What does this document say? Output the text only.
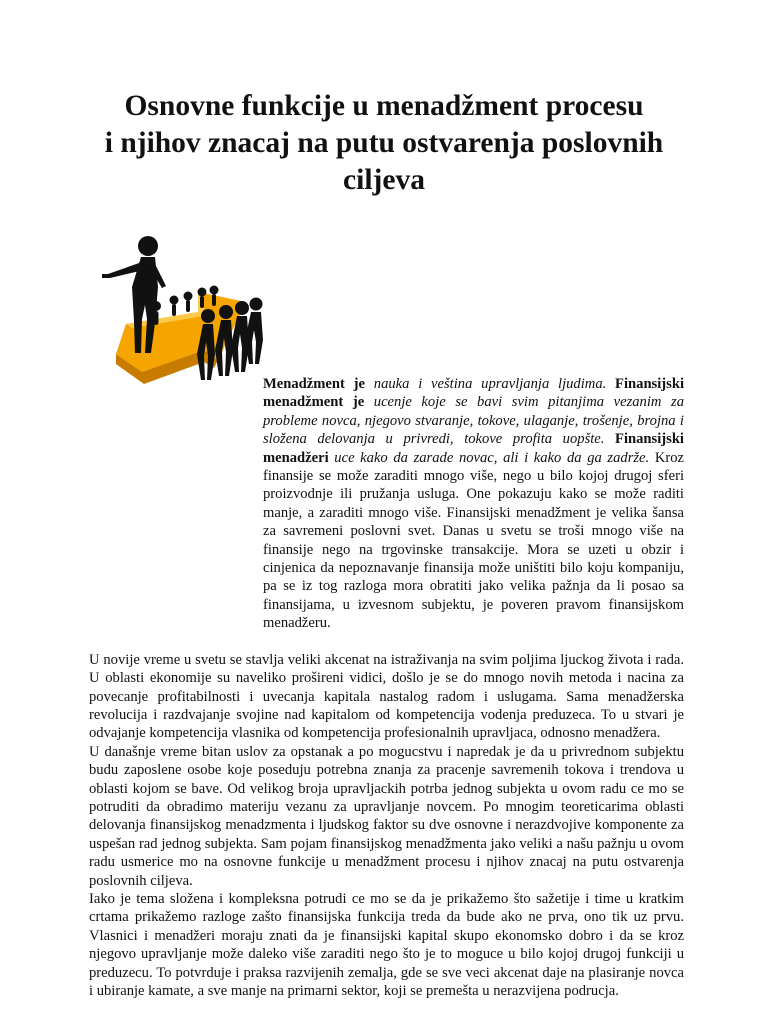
Osnovne funkcije u menadžment procesu
i njihov znacaj na putu ostvarenja poslovnih
ciljeva

Menadžment je nauka i veština upravljanja ljudima. Finansijski menadžment je ucenje koje se bavi svim pitanjima vezanim za probleme novca, njegovo stvaranje, tokove, ulaganje, trošenje, brojna i složena delovanja u privredi, tokove profita uopšte. Finansijski menadžeri uce kako da zarade novac, ali i kako da ga zadrže. Kroz finansije se može zaraditi mnogo više, nego u bilo kojoj drugoj sferi proizvodnje ili pružanja usluga. One pokazuju kako se može raditi manje, a zaraditi mnogo više. Finansijski menadžment je velika šansa za savremeni poslovni svet. Danas u svetu se troši mnogo više na finansije nego na trgovinske transakcije. Mora se uzeti u obzir i cinjenica da nepoznavanje finansija može uništiti bilo koju kompaniju, pa se iz tog razloga mora obratiti jako velika pažnja da li posao sa finansijama, u izvesnom subjektu, je poveren pravom finansijskom menadžeru.

U novije vreme u svetu se stavlja veliki akcenat na istraživanja na svim poljima ljuckog života i rada. U oblasti ekonomije su naveliko prošireni vidici, došlo je se do mnogo novih metoda i nacina za povecanje profitabilnosti i uvecanja kapitala nastalog radom i uslugama. Sama menadžerska revolucija i razdvajanje svojine nad kapitalom od kompetencija vodenja preduzeca. To u stvari je odvajanje kompetencija vlasnika od kompetencija profesionalnih upravljaca, odnosno menadžera.

U današnje vreme bitan uslov za opstanak a po mogucstvu i napredak je da u privrednom subjektu budu zaposlene osobe koje poseduju potrebna znanja za pracenje savremenih tokova i trendova u oblasti kojom se bave. Od velikog broja upravljackih potrba jednog subjekta u ovom radu ce mo se potruditi da obradimo materiju vezanu za upravljanje novcem. Po mnogim teoreticarima oblasti delovanja finansijskog menadzmenta i ljudskog faktor su dve osnovne i nerazdvojive komponente za uspešan rad jednog subjekta. Sam pojam finansijskog menadžmenta jako veliki a našu pažnju u ovom radu usmerice mo na osnovne funkcije u menadžment procesu i njihov znacaj na putu ostvarenja poslovnih ciljeva.

Iako je tema složena i kompleksna potrudi ce mo se da je prikažemo što sažetije i time u kratkim crtama prikažemo razloge zašto finansijska funkcija treda da bude ako ne prva, ono tik uz prvu. Vlasnici i menadžeri moraju znati da je finansijski kapital skupo ekonomsko dobro i da se kroz njegovo upravljanje može daleko više zaraditi nego što je to moguce u bilo kojoj drugoj funkciji u preduzecu. To potvrduje i praksa razvijenih zemalja, gde se sve veci akcenat daje na plasiranje novca i ubiranje kamate, a sve manje na primarni sektor, koji se premešta u nerazvijena podrucja.
